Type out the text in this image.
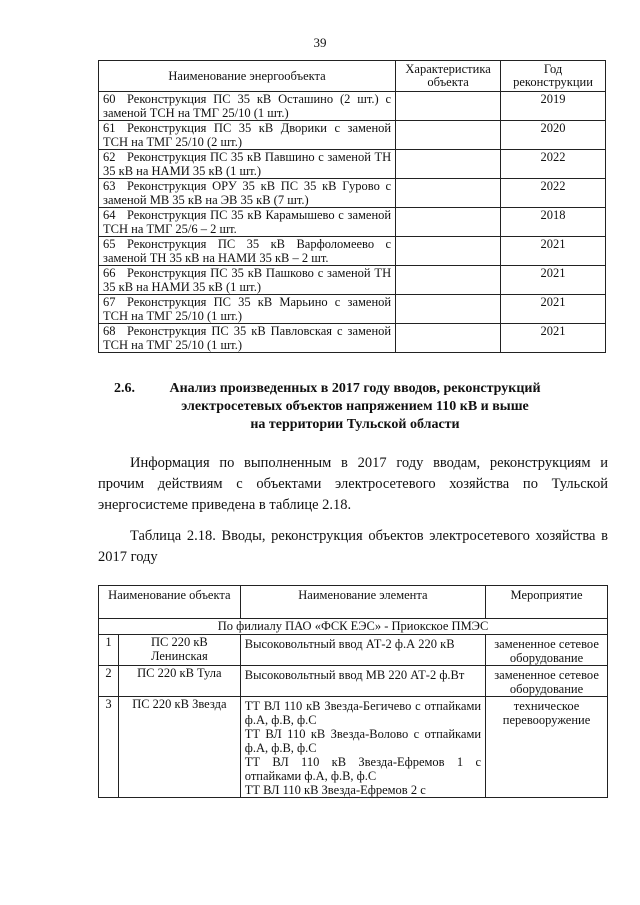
39
Наименование энергообъекта	Характеристика объекта	Год реконструкции
60 Реконструкция ПС 35 кВ Осташино (2 шт.) с заменой ТСН на ТМГ 25/10 (1 шт.)		2019
61 Реконструкция ПС 35 кВ Дворики с заменой ТСН на ТМГ 25/10 (2 шт.)		2020
62 Реконструкция ПС 35 кВ Павшино с заменой ТН 35 кВ на НАМИ 35 кВ (1 шт.)		2022
63 Реконструкция ОРУ 35 кВ ПС 35 кВ Гурово с заменой МВ 35 кВ на ЭВ 35 кВ (7 шт.)		2022
64 Реконструкция ПС 35 кВ Карамышево с заменой ТСН на ТМГ 25/6 – 2 шт.		2018
65 Реконструкция ПС 35 кВ Варфоломеево с заменой ТН 35 кВ на НАМИ 35 кВ – 2 шт.		2021
66 Реконструкция ПС 35 кВ Пашково с заменой ТН 35 кВ на НАМИ 35 кВ (1 шт.)		2021
67 Реконструкция ПС 35 кВ Марьино с заменой ТСН на ТМГ 25/10 (1 шт.)		2021
68 Реконструкция ПС 35 кВ Павловская с заменой ТСН на ТМГ 25/10 (1 шт.)		2021
2.6.	Анализ произведенных в 2017 году вводов, реконструкций
электросетевых объектов напряжением 110 кВ и выше
на территории Тульской области
Информация по выполненным в 2017 году вводам, реконструкциям и прочим действиям с объектами электросетевого хозяйства по Тульской энергосистеме приведена в таблице 2.18.
Таблица 2.18. Вводы, реконструкция объектов электросетевого хозяйства в 2017 году
Наименование объекта		Наименование элемента	Мероприятие
По филиалу ПАО «ФСК ЕЭС» - Приокское ПМЭС			
1	ПС 220 кВ Ленинская	Высоковольтный ввод АТ-2 ф.А 220 кВ	замененное сетевое оборудование
2	ПС 220 кВ Тула	Высоковольтный ввод МВ 220 АТ-2 ф.Вт	замененное сетевое оборудование
3	ПС 220 кВ Звезда	ТТ ВЛ 110 кВ Звезда-Бегичево с отпайками ф.А, ф.В, ф.С
ТТ ВЛ 110 кВ Звезда-Волово с отпайками ф.А, ф.В, ф.С
ТТ ВЛ 110 кВ Звезда-Ефремов 1 с отпайками ф.А, ф.В, ф.С
ТТ ВЛ 110 кВ Звезда-Ефремов 2 с	техническое перевооружение
